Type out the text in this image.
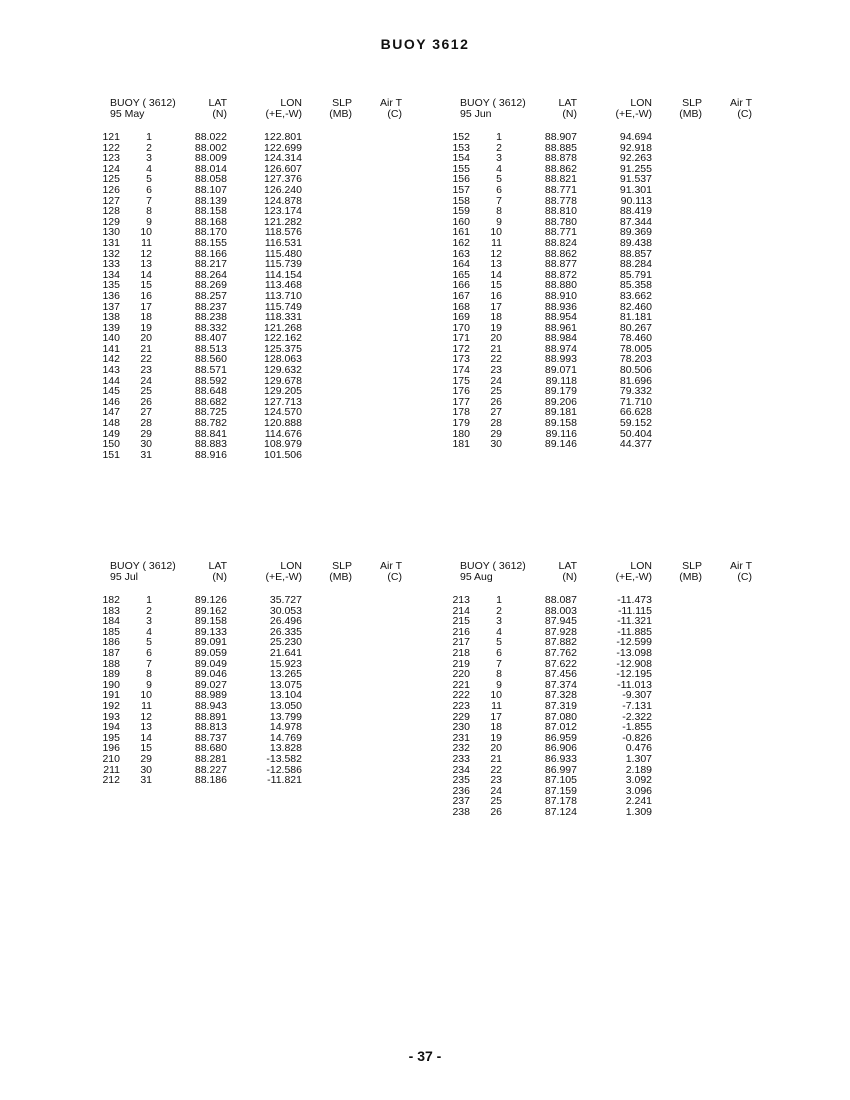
BUOY 3612
BUOY ( 3612)
95 May
LAT
(N)
LON
(+E,-W)
SLP
(MB)
Air T
(C)
121 1	88.022	122.801
122 2	88.002	122.699
123 3	88.009	124.314
124 4	88.014	126.607
125 5	88.058	127.376
126 6	88.107	126.240
127 7	88.139	124.878
128 8	88.158	123.174
129 9	88.168	121.282
130 10	88.170	118.576
131 11	88.155	116.531
132 12	88.166	115.480
133 13	88.217	115.739
134 14	88.264	114.154
135 15	88.269	113.468
136 16	88.257	113.710
137 17	88.237	115.749
138 18	88.238	118.331
139 19	88.332	121.268
140 20	88.407	122.162
141 21	88.513	125.375
142 22	88.560	128.063
143 23	88.571	129.632
144 24	88.592	129.678
145 25	88.648	129.205
146 26	88.682	127.713
147 27	88.725	124.570
148 28	88.782	120.888
149 29	88.841	114.676
150 30	88.883	108.979
151 31	88.916	101.506
BUOY ( 3612)
95 Jun
LAT
(N)
LON
(+E,-W)
SLP
(MB)
Air T
(C)
152 1	88.907	94.694
153 2	88.885	92.918
154 3	88.878	92.263
155 4	88.862	91.255
156 5	88.821	91.537
157 6	88.771	91.301
158 7	88.778	90.113
159 8	88.810	88.419
160 9	88.780	87.344
161 10	88.771	89.369
162 11	88.824	89.438
163 12	88.862	88.857
164 13	88.877	88.284
165 14	88.872	85.791
166 15	88.880	85.358
167 16	88.910	83.662
168 17	88.936	82.460
169 18	88.954	81.181
170 19	88.961	80.267
171 20	88.984	78.460
172 21	88.974	78.005
173 22	88.993	78.203
174 23	89.071	80.506
175 24	89.118	81.696
176 25	89.179	79.332
177 26	89.206	71.710
178 27	89.181	66.628
179 28	89.158	59.152
180 29	89.116	50.404
181 30	89.146	44.377
BUOY ( 3612)
95 Jul
LAT
(N)
LON
(+E,-W)
SLP
(MB)
Air T
(C)
182 1	89.126	35.727
183 2	89.162	30.053
184 3	89.158	26.496
185 4	89.133	26.335
186 5	89.091	25.230
187 6	89.059	21.641
188 7	89.049	15.923
189 8	89.046	13.265
190 9	89.027	13.075
191 10	88.989	13.104
192 11	88.943	13.050
193 12	88.891	13.799
194 13	88.813	14.978
195 14	88.737	14.769
196 15	88.680	13.828
210 29	88.281	-13.582
211 30	88.227	-12.586
212 31	88.186	-11.821
BUOY ( 3612)
95 Aug
LAT
(N)
LON
(+E,-W)
SLP
(MB)
Air T
(C)
213 1	88.087	-11.473
214 2	88.003	-11.115
215 3	87.945	-11.321
216 4	87.928	-11.885
217 5	87.882	-12.599
218 6	87.762	-13.098
219 7	87.622	-12.908
220 8	87.456	-12.195
221 9	87.374	-11.013
222 10	87.328	-9.307
223 11	87.319	-7.131
229 17	87.080	-2.322
230 18	87.012	-1.855
231 19	86.959	-0.826
232 20	86.906	0.476
233 21	86.933	1.307
234 22	86.997	2.189
235 23	87.105	3.092
236 24	87.159	3.096
237 25	87.178	2.241
238 26	87.124	1.309
- 37 -
